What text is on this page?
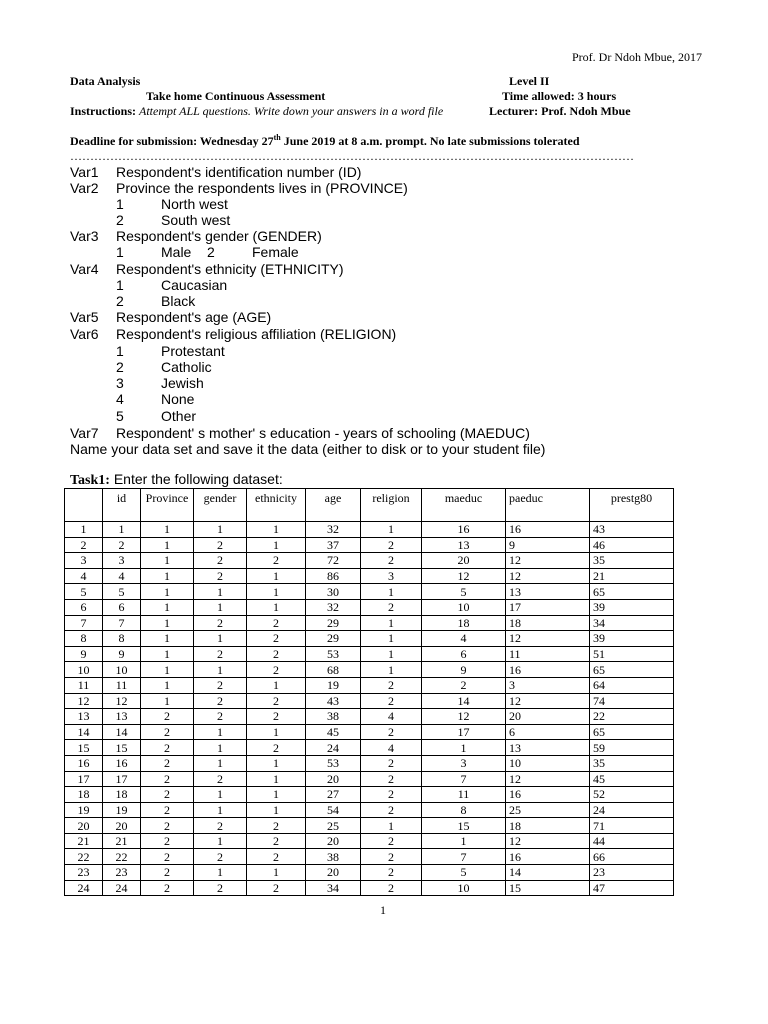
Prof. Dr Ndoh Mbue, 2017
Data Analysis	Level II
Take home Continuous Assessment	Time allowed: 3 hours
Instructions: Attempt ALL questions. Write down your answers in a word file	Lecturer: Prof. Ndoh Mbue
Deadline for submission: Wednesday 27th June 2019 at 8 a.m. prompt. No late submissions tolerated
……………………………………………………………………………………………………………………………
Var1 Respondent's identification number (ID)
Var2 Province the respondents lives in (PROVINCE)
1	North west
2	South west
Var3 Respondent's gender (GENDER)
1	Male 2	Female
Var4 Respondent's ethnicity (ETHNICITY)
1	Caucasian
2	Black
Var5 Respondent's age (AGE)
Var6 Respondent's religious affiliation (RELIGION)
1	Protestant
2	Catholic
3	Jewish
4	None
5	Other
Var7 Respondent' s mother' s education - years of schooling (MAEDUC)
Name your data set and save it the data (either to disk or to your student file)
Task1: Enter the following dataset:
	id	Province	gender	ethnicity	age	religion	maeduc	paeduc	prestg80
1	1	1	1	1	32	1	16	16	43
2	2	1	2	1	37	2	13	9	46
3	3	1	2	2	72	2	20	12	35
4	4	1	2	1	86	3	12	12	21
5	5	1	1	1	30	1	5	13	65
6	6	1	1	1	32	2	10	17	39
7	7	1	2	2	29	1	18	18	34
8	8	1	1	2	29	1	4	12	39
9	9	1	2	2	53	1	6	11	51
10	10	1	1	2	68	1	9	16	65
11	11	1	2	1	19	2	2	3	64
12	12	1	2	2	43	2	14	12	74
13	13	2	2	2	38	4	12	20	22
14	14	2	1	1	45	2	17	6	65
15	15	2	1	2	24	4	1	13	59
16	16	2	1	1	53	2	3	10	35
17	17	2	2	1	20	2	7	12	45
18	18	2	1	1	27	2	11	16	52
19	19	2	1	1	54	2	8	25	24
20	20	2	2	2	25	1	15	18	71
21	21	2	1	2	20	2	1	12	44
22	22	2	2	2	38	2	7	16	66
23	23	2	1	1	20	2	5	14	23
24	24	2	2	2	34	2	10	15	47
1
